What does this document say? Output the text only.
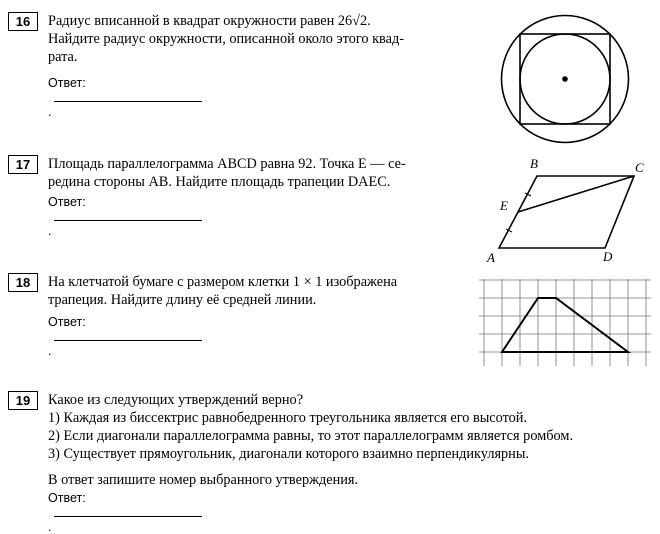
16	Радиус вписанной в квадрат окружности равен 26√2.
Найдите радиус окружности, описанной около этого квад-
рата.
Ответ:.
17	Площадь параллелограмма ABCD равна 92. Точка E — се-
редина стороны AB. Найдите площадь трапеции DAEC.
Ответ:.
A
B	C
D
E
18	На клетчатой бумаге с размером клетки 1 × 1 изображена
трапеция. Найдите длину её средней линии.
Ответ:.
19	Какое из следующих утверждений верно?
1) Каждая из биссектрис равнобедренного треугольника является его высотой.
2) Если диагонали параллелограмма равны, то этот параллелограмм является ромбом.
3) Существует прямоугольник, диагонали которого взаимно перпендикулярны.
В ответ запишите номер выбранного утверждения.
Ответ:.
